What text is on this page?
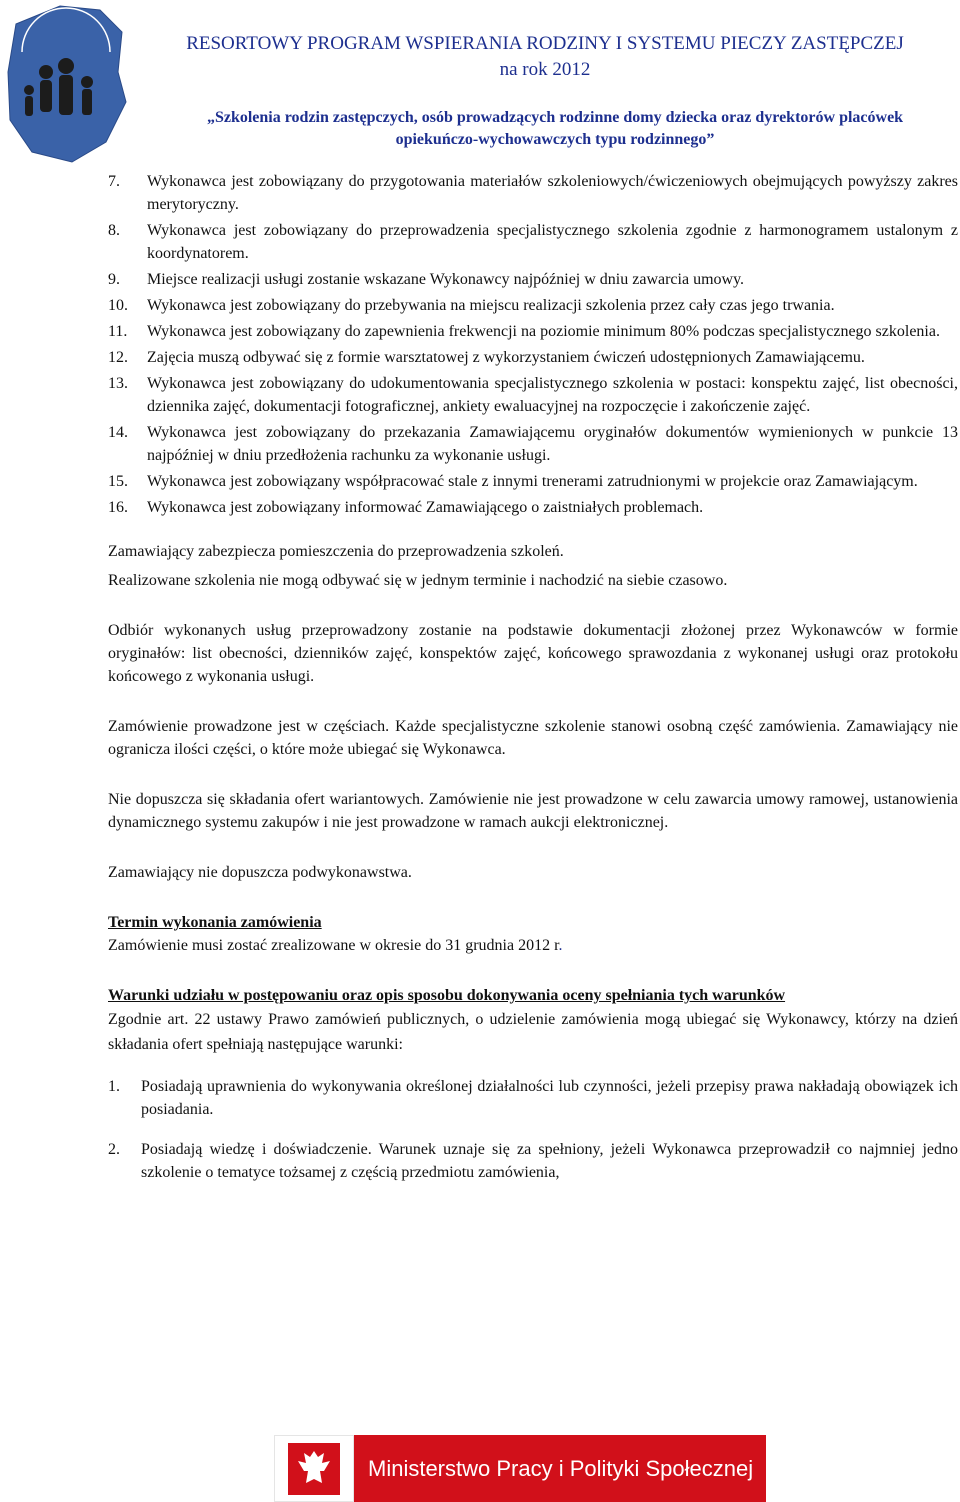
RESORTOWY PROGRAM WSPIERANIA RODZINY I SYSTEMU PIECZY ZASTĘPCZEJ
na rok 2012
„Szkolenia rodzin zastępczych, osób prowadzących rodzinne domy dziecka oraz dyrektorów placówek
opiekuńczo-wychowawczych typu rodzinnego”
7.	Wykonawca jest zobowiązany do przygotowania materiałów szkoleniowych/ćwiczeniowych obejmujących powyższy zakres merytoryczny.
8.	Wykonawca jest zobowiązany do przeprowadzenia specjalistycznego szkolenia zgodnie z harmonogramem ustalonym z koordynatorem.
9.	Miejsce realizacji usługi zostanie wskazane Wykonawcy najpóźniej w dniu zawarcia umowy.
10.	Wykonawca jest zobowiązany do przebywania na miejscu realizacji szkolenia przez cały czas jego trwania.
11.	Wykonawca jest zobowiązany do zapewnienia frekwencji na poziomie minimum 80% podczas specjalistycznego szkolenia.
12.	Zajęcia muszą odbywać się z formie warsztatowej z wykorzystaniem ćwiczeń udostępnionych Zamawiającemu.
13.	Wykonawca jest zobowiązany do udokumentowania specjalistycznego szkolenia w postaci: konspektu zajęć, list obecności, dziennika zajęć, dokumentacji fotograficznej, ankiety ewaluacyjnej na rozpoczęcie i zakończenie zajęć.
14.	Wykonawca jest zobowiązany do przekazania Zamawiającemu oryginałów dokumentów wymienionych w punkcie 13 najpóźniej w dniu przedłożenia rachunku za wykonanie usługi.
15.	Wykonawca jest zobowiązany współpracować stale z innymi trenerami zatrudnionymi w projekcie oraz Zamawiającym.
16.	Wykonawca jest zobowiązany informować Zamawiającego o zaistniałych problemach.

Zamawiający zabezpiecza pomieszczenia do przeprowadzenia szkoleń.

Realizowane szkolenia nie mogą odbywać się w jednym terminie i nachodzić na siebie czasowo.

Odbiór wykonanych usług przeprowadzony zostanie na podstawie dokumentacji złożonej przez Wykonawców w formie oryginałów: list obecności, dzienników zajęć, konspektów zajęć, końcowego sprawozdania z wykonanej usługi oraz protokołu końcowego z wykonania usługi.

Zamówienie prowadzone jest w częściach. Każde specjalistyczne szkolenie stanowi osobną część zamówienia. Zamawiający nie ogranicza ilości części, o które może ubiegać się Wykonawca.

Nie dopuszcza się składania ofert wariantowych. Zamówienie nie jest prowadzone w celu zawarcia umowy ramowej, ustanowienia dynamicznego systemu zakupów i nie jest prowadzone w ramach aukcji elektronicznej.

Zamawiający nie dopuszcza podwykonawstwa.

Termin wykonania zamówienia

Zamówienie musi zostać zrealizowane w okresie do 31 grudnia 2012 r.

Warunki udziału w postępowaniu oraz opis sposobu dokonywania oceny spełniania tych warunków

Zgodnie art. 22 ustawy Prawo zamówień publicznych, o udzielenie zamówienia mogą ubiegać się Wykonawcy, którzy na dzień składania ofert spełniają następujące warunki:

1. Posiadają uprawnienia do wykonywania określonej działalności lub czynności, jeżeli przepisy prawa nakładają obowiązek ich posiadania.
2. Posiadają wiedzę i doświadczenie. Warunek uznaje się za spełniony, jeżeli Wykonawca przeprowadził co najmniej jedno szkolenie o tematyce tożsamej z częścią przedmiotu zamówienia,
Ministerstwo Pracy i Polityki Społecznej
